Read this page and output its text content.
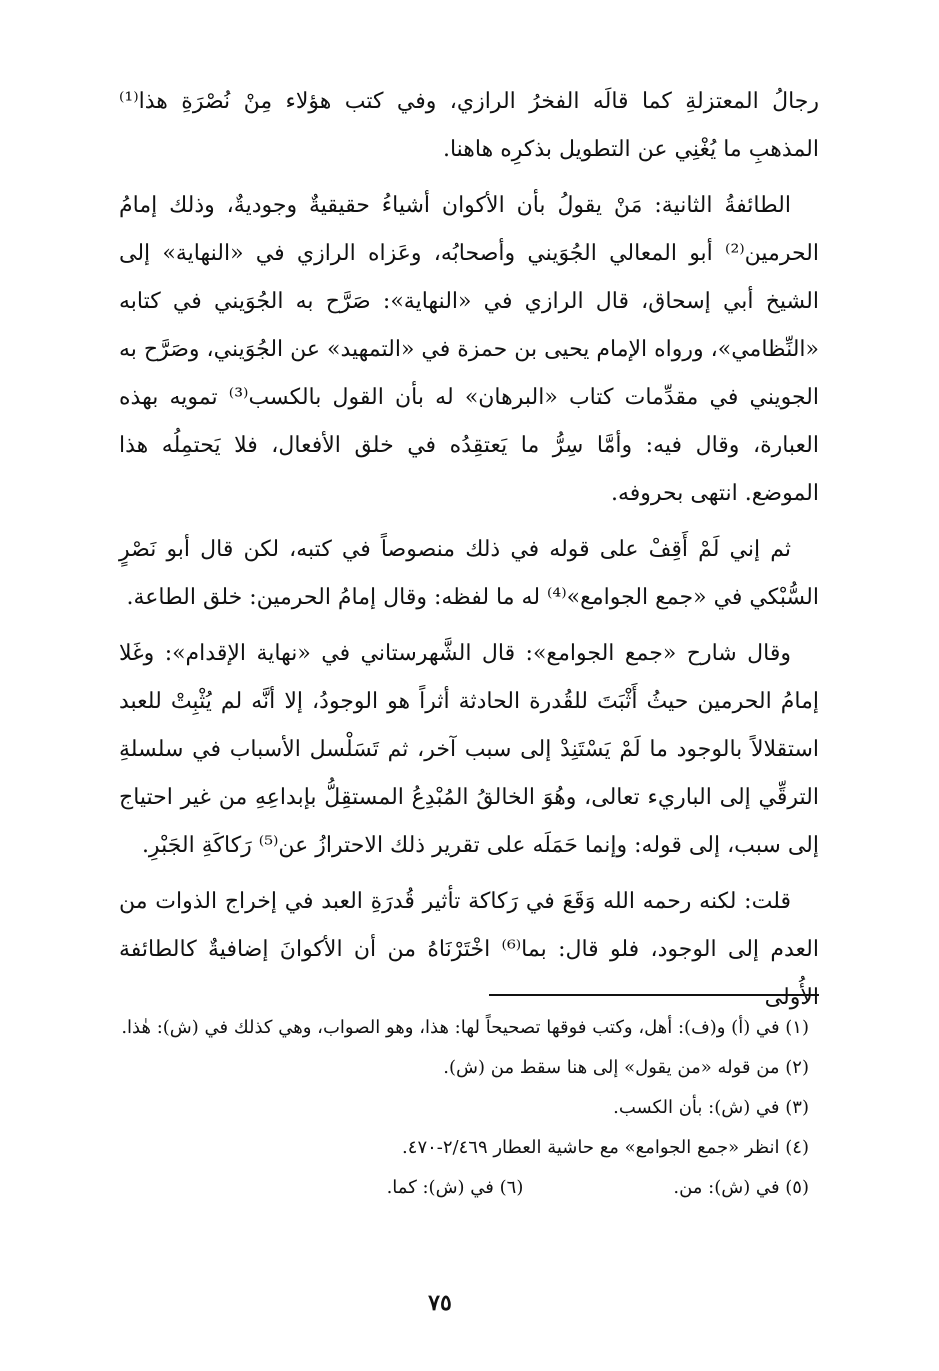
رجالُ المعتزلةِ كما قالَه الفخرُ الرازي، وفي كتب هؤلاء مِنْ نُصْرَةِ هذا⁽¹⁾ المذهبِ ما يُغْنِي عن التطويل بذكرِه هاهنا.

الطائفةُ الثانية: مَنْ يقولُ بأن الأكوان أشياءُ حقيقيةٌ وجوديةٌ، وذلك إمامُ الحرمين⁽²⁾ أبو المعالي الجُوَيني وأصحابُه، وعَزاه الرازي في «النهاية» إلى الشيخ أبي إسحاق، قال الرازي في «النهاية»: صَرَّح به الجُوَيني في كتابه «النِّظامي»، ورواه الإمام يحيى بن حمزة في «التمهيد» عن الجُوَيني، وصَرَّح به الجويني في مقدِّمات كتاب «البرهان» له بأن القول بالكسب⁽³⁾ تمويه بهذه العبارة، وقال فيه: وأمَّا سِرُّ ما يَعتقِدُه في خلق الأفعال، فلا يَحتمِلُه هذا الموضع. انتهى بحروفه.

ثم إني لَمْ أَقِفْ على قوله في ذلك منصوصاً في كتبه، لكن قال أبو نَصْرٍ السُّبْكي في «جمع الجوامع»⁽⁴⁾ له ما لفظه: وقال إمامُ الحرمين: خلق الطاعة.

وقال شارح «جمع الجوامع»: قال الشَّهرستاني في «نهاية الإقدام»: وغَلا إمامُ الحرمين حيثُ أَثْبَتَ للقُدرة الحادثة أثراً هو الوجودُ، إلا أنَّه لم يُثْبِتْ للعبد استقلالاً بالوجود ما لَمْ يَسْتَنِدْ إلى سبب آخر، ثم تَسَلْسل الأسباب في سلسلةِ الترقِّي إلى الباريء تعالى، وهُوَ الخالقُ المُبْدِعُ المستقِلُّ بإبداعِهِ من غير احتياج إلى سبب، إلى قوله: وإنما حَمَلَه على تقرير ذلك الاحترازُ عن⁽⁵⁾ رَكاكَةِ الجَبْرِ.

قلت: لكنه رحمه الله وَقَعَ في رَكاكة تأثير قُدرَةِ العبد في إخراج الذوات من العدم إلى الوجود، فلو قال: بما⁽⁶⁾ اخْتَرْنَاهُ من أن الأكوانَ إضافيةٌ كالطائفة الأُولى

(١) في (أ) و(ف): أهل، وكتب فوقها تصحيحاً لها: هذا، وهو الصواب، وهي كذلك في (ش): هٰذا.

(٢) من قوله «من يقول» إلى هنا سقط من (ش).

(٣) في (ش): بأن الكسب.

(٤) انظر «جمع الجوامع» مع حاشية العطار ٢/٤٦٩-٤٧٠.

(٥) في (ش): من.

(٦) في (ش): كما.

٧٥
